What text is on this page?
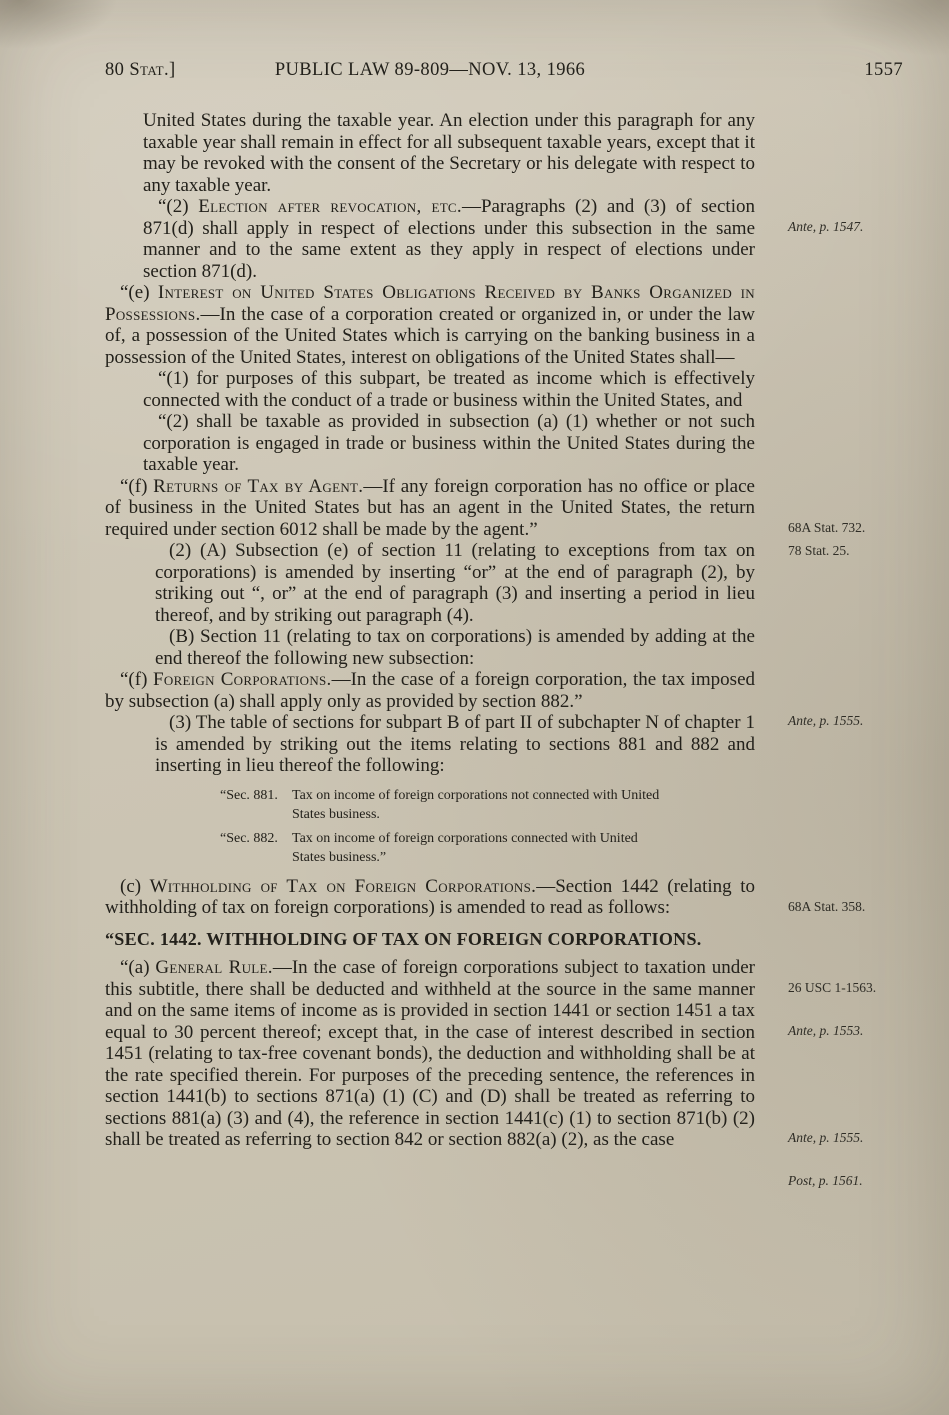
80 Stat.]	PUBLIC LAW 89-809—NOV. 13, 1966	1557
United States during the taxable year. An election under this paragraph for any taxable year shall remain in effect for all subsequent taxable years, except that it may be revoked with the consent of the Secretary or his delegate with respect to any taxable year.
“(2) Election after revocation, etc.—Paragraphs (2) and (3) of section 871(d) shall apply in respect of elections under this subsection in the same manner and to the same extent as they apply in respect of elections under section 871(d).
Ante, p. 1547.
“(e) Interest on United States Obligations Received by Banks Organized in Possessions.—In the case of a corporation created or organized in, or under the law of, a possession of the United States which is carrying on the banking business in a possession of the United States, interest on obligations of the United States shall—
“(1) for purposes of this subpart, be treated as income which is effectively connected with the conduct of a trade or business within the United States, and
“(2) shall be taxable as provided in subsection (a) (1) whether or not such corporation is engaged in trade or business within the United States during the taxable year.
“(f) Returns of Tax by Agent.—If any foreign corporation has no office or place of business in the United States but has an agent in the United States, the return required under section 6012 shall be made by the agent.”	68A Stat. 732.
(2) (A) Subsection (e) of section 11 (relating to exceptions from tax on corporations) is amended by inserting “or” at the end of paragraph (2), by striking out “, or” at the end of paragraph (3) and inserting a period in lieu thereof, and by striking out paragraph (4).
78 Stat. 25.
(B) Section 11 (relating to tax on corporations) is amended by adding at the end thereof the following new subsection:
“(f) Foreign Corporations.—In the case of a foreign corporation, the tax imposed by subsection (a) shall apply only as provided by section 882.”
Ante, p. 1555.
(3) The table of sections for subpart B of part II of subchapter N of chapter 1 is amended by striking out the items relating to sections 881 and 882 and inserting in lieu thereof the following:
“Sec. 881. Tax on income of foreign corporations not connected with United States business.
“Sec. 882. Tax on income of foreign corporations connected with United States business.”
(c) Withholding of Tax on Foreign Corporations.—Section 1442 (relating to withholding of tax on foreign corporations) is amended to read as follows:	68A Stat. 358.
“SEC. 1442. WITHHOLDING OF TAX ON FOREIGN CORPORATIONS.
“(a) General Rule.—In the case of foreign corporations subject to taxation under this subtitle, there shall be deducted and withheld at the source in the same manner and on the same items of income as is provided in section 1441 or section 1451 a tax equal to 30 percent thereof; except that, in the case of interest described in section 1451 (relating to tax-free covenant bonds), the deduction and withholding shall be at the rate specified therein. For purposes of the preceding sentence, the references in section 1441(b) to sections 871(a) (1) (C) and (D) shall be treated as referring to sections 881(a) (3) and (4), the reference in section 1441(c) (1) to section 871(b) (2) shall be treated as referring to section 842 or section 882(a) (2), as the case
26 USC 1-1563.
Ante, p. 1553.
Ante, p. 1555.
Post, p. 1561.
